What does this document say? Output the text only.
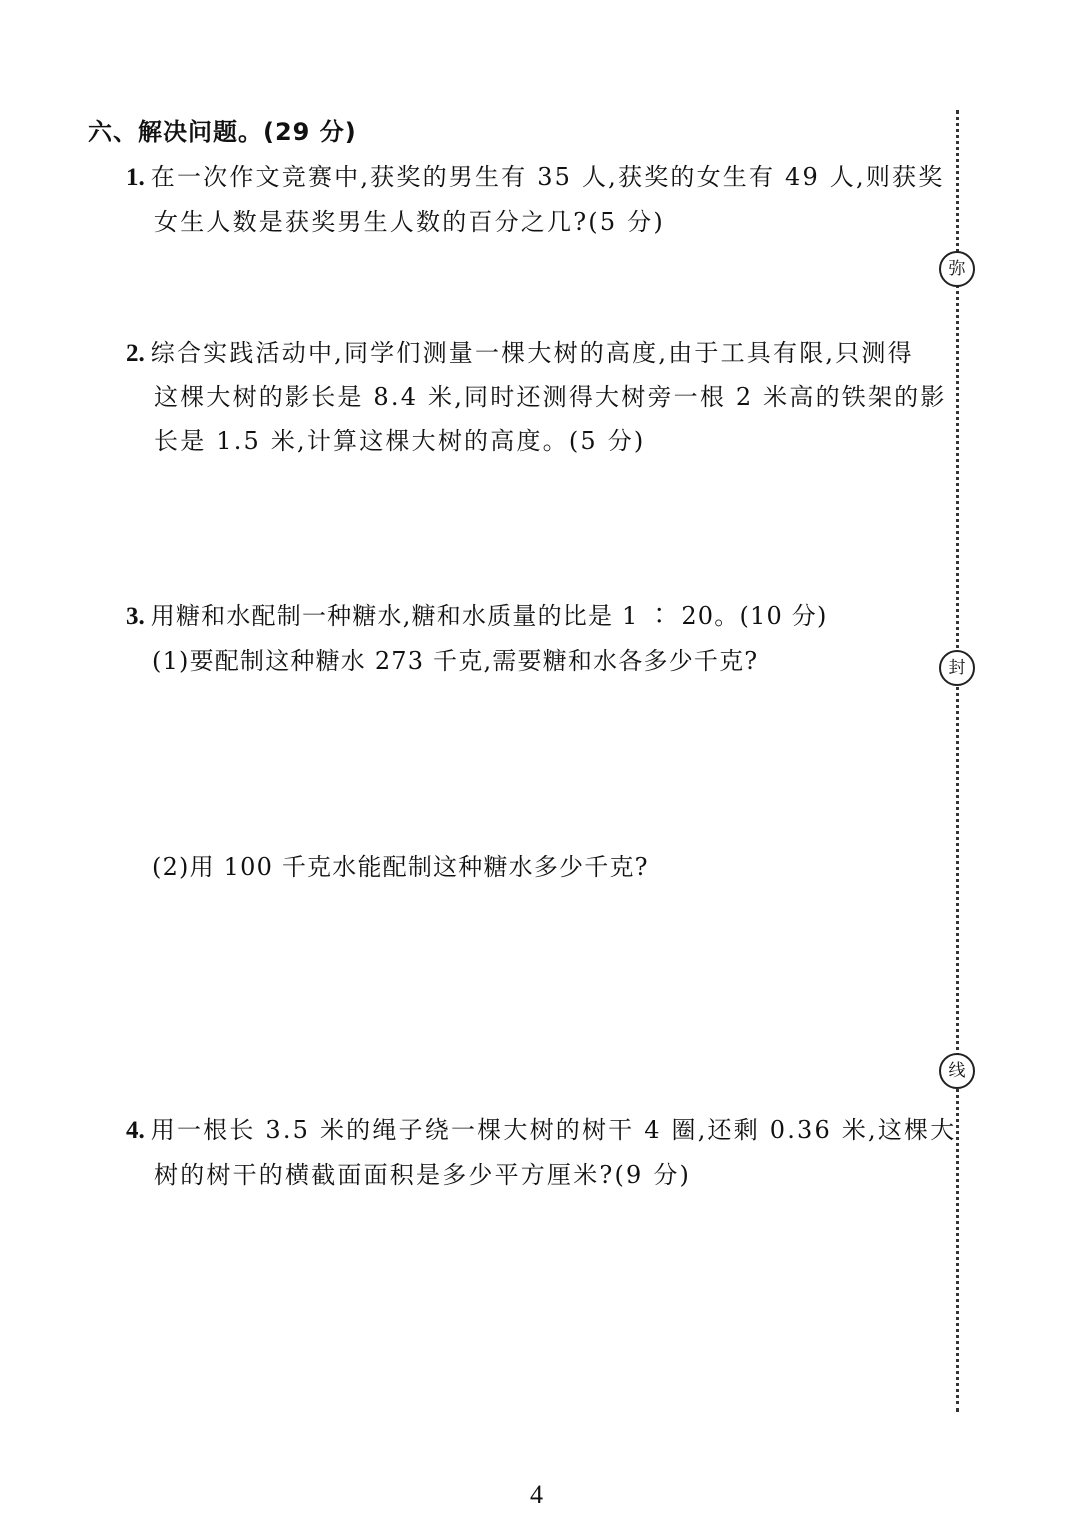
六、解决问题。(29 分)
1. 在一次作文竞赛中,获奖的男生有 35 人,获奖的女生有 49 人,则获奖
女生人数是获奖男生人数的百分之几?(5 分)
2. 综合实践活动中,同学们测量一棵大树的高度,由于工具有限,只测得
这棵大树的影长是 8.4 米,同时还测得大树旁一根 2 米高的铁架的影
长是 1.5 米,计算这棵大树的高度。(5 分)
3. 用糖和水配制一种糖水,糖和水质量的比是 1 ∶ 20。(10 分)
(1)要配制这种糖水 273 千克,需要糖和水各多少千克?
(2)用 100 千克水能配制这种糖水多少千克?
4. 用一根长 3.5 米的绳子绕一棵大树的树干 4 圈,还剩 0.36 米,这棵大
树的树干的横截面面积是多少平方厘米?(9 分)
弥
封
线
4
